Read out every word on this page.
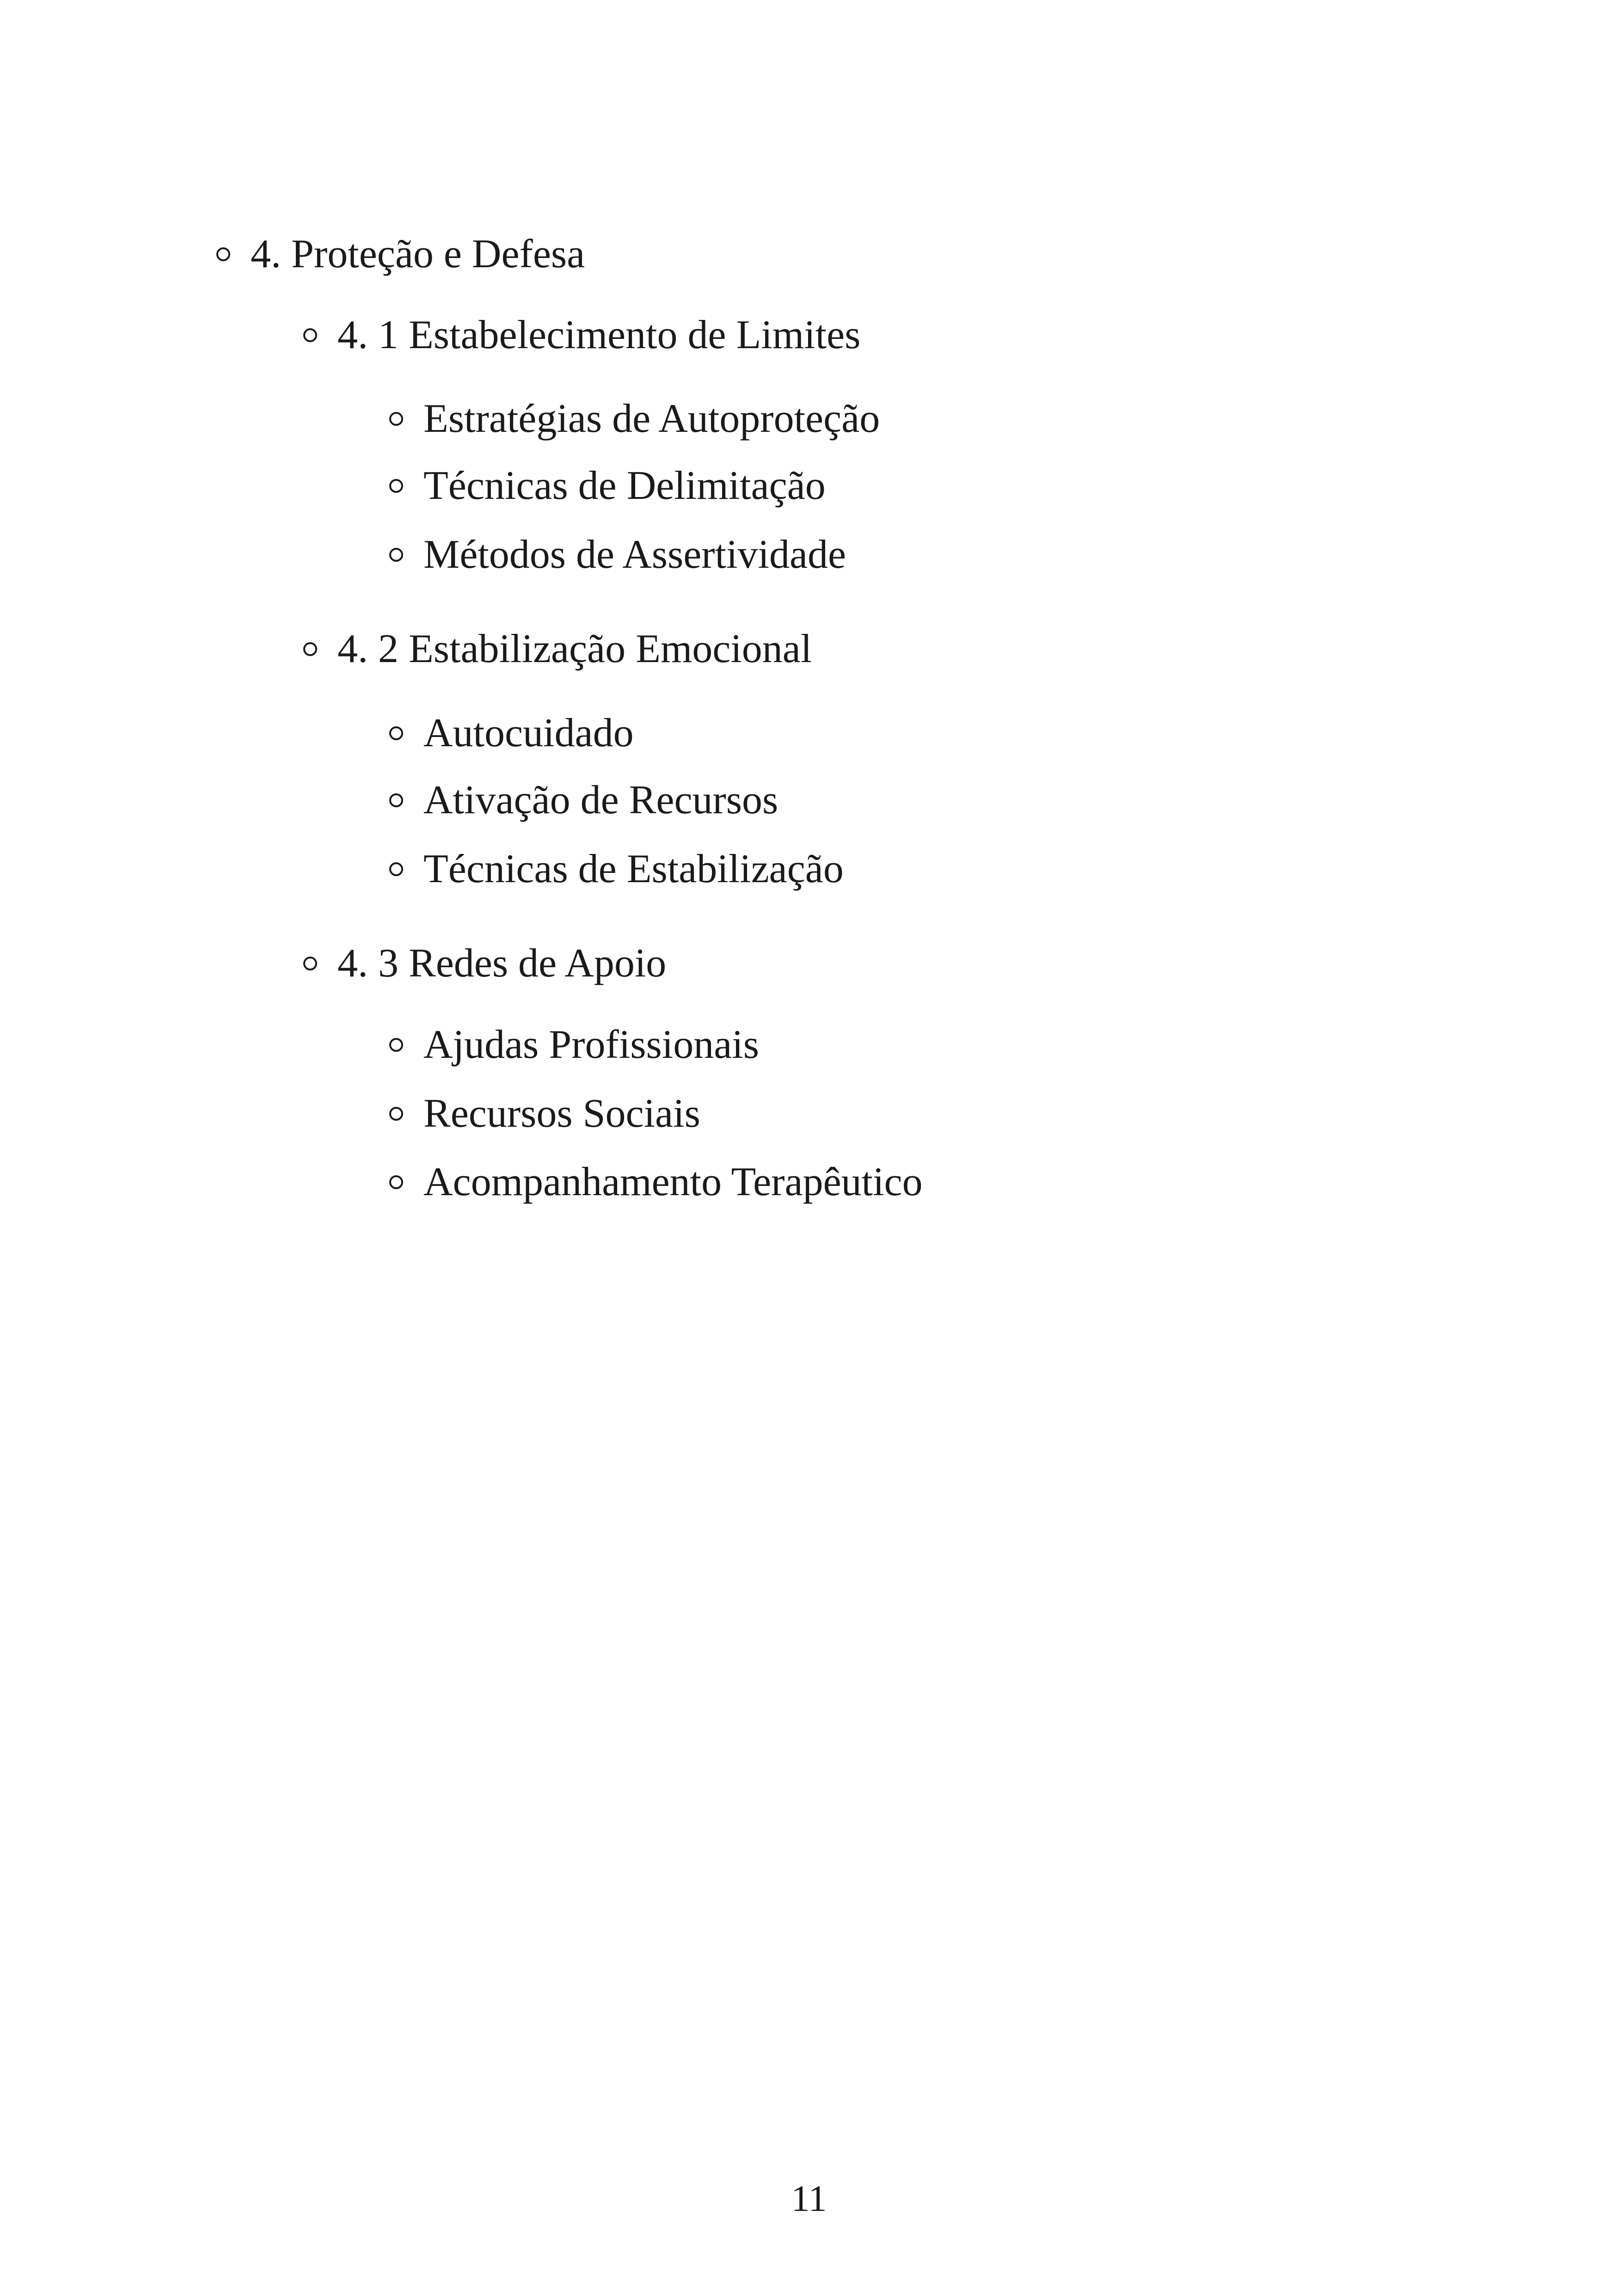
4. Proteção e Defesa
4. 1 Estabelecimento de Limites
Estratégias de Autoproteção
Técnicas de Delimitação
Métodos de Assertividade
4. 2 Estabilização Emocional
Autocuidado
Ativação de Recursos
Técnicas de Estabilização
4. 3 Redes de Apoio
Ajudas Profissionais
Recursos Sociais
Acompanhamento Terapêutico
11
